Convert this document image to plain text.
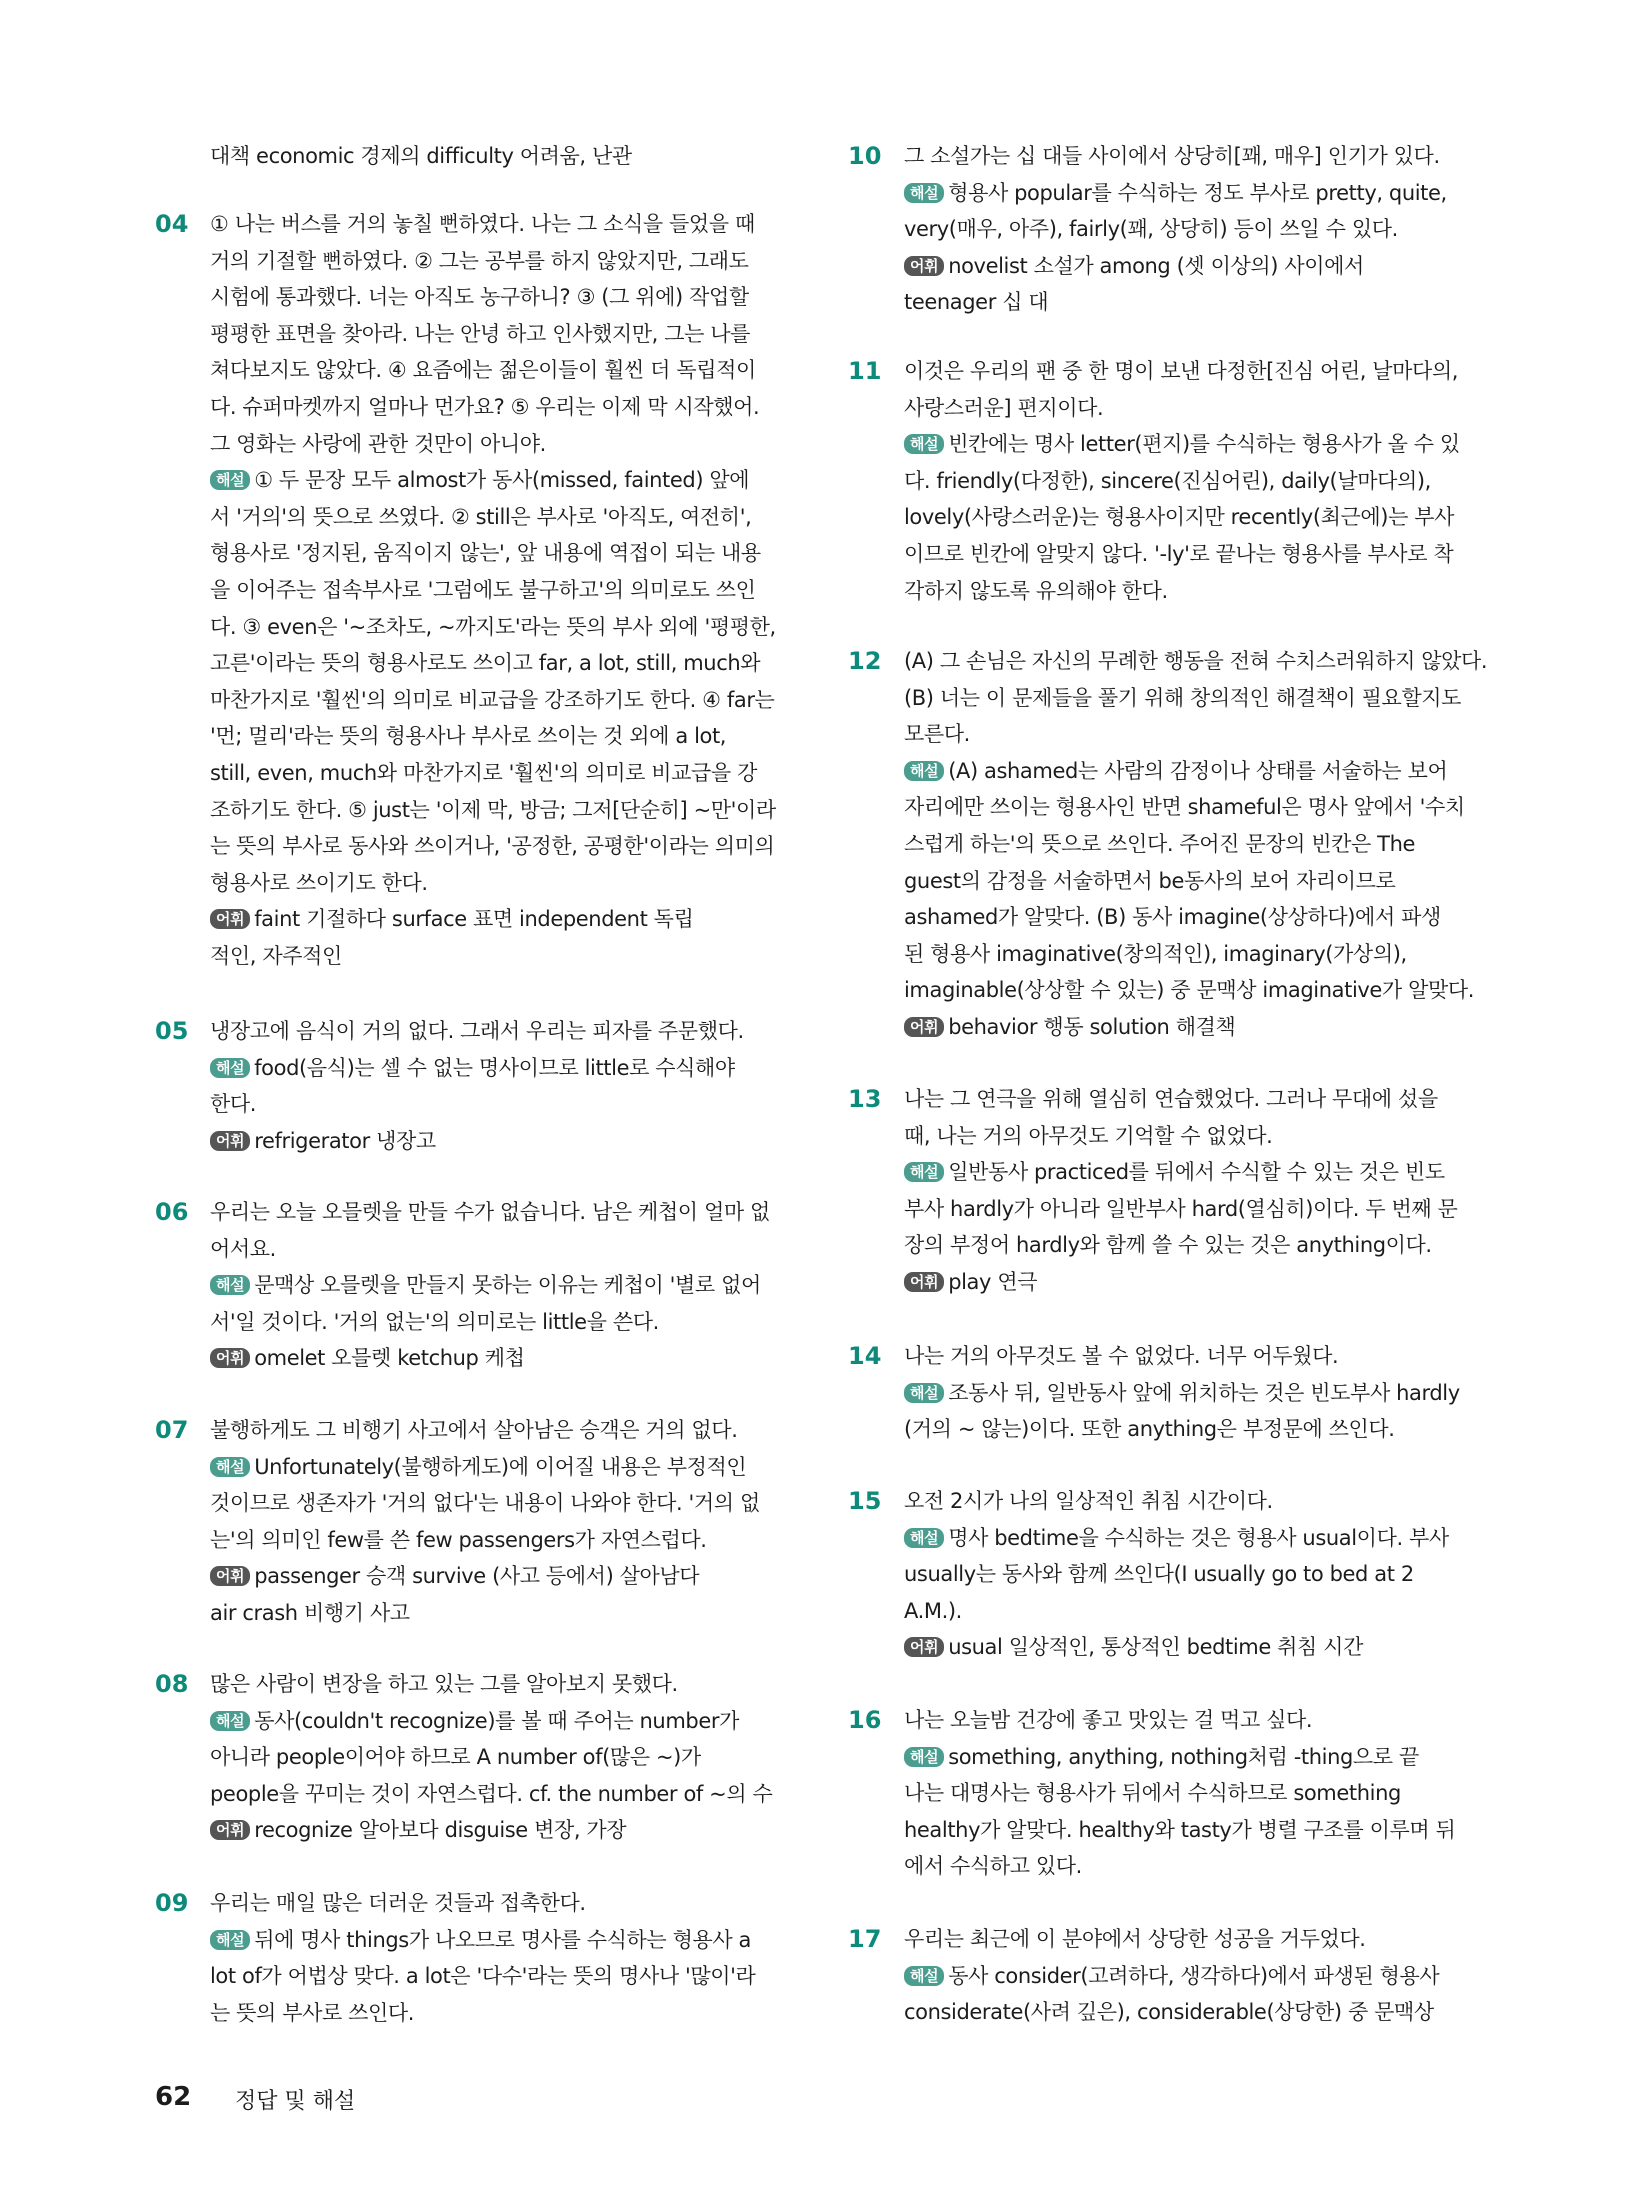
대책 economic 경제의 difficulty 어려움, 난관

04 ① 나는 버스를 거의 놓칠 뻔하였다. 나는 그 소식을 들었을 때

거의 기절할 뻔하였다. ② 그는 공부를 하지 않았지만, 그래도

시험에 통과했다. 너는 아직도 농구하니? ③ (그 위에) 작업할

평평한 표면을 찾아라. 나는 안녕 하고 인사했지만, 그는 나를

쳐다보지도 않았다. ④ 요즘에는 젊은이들이 훨씬 더 독립적이

다. 슈퍼마켓까지 얼마나 먼가요? ⑤ 우리는 이제 막 시작했어.

그 영화는 사랑에 관한 것만이 아니야.

해설 ① 두 문장 모두 almost가 동사(missed, fainted) 앞에

서 '거의'의 뜻으로 쓰였다. ② still은 부사로 '아직도, 여전히',

형용사로 '정지된, 움직이지 않는', 앞 내용에 역접이 되는 내용

을 이어주는 접속부사로 '그럼에도 불구하고'의 의미로도 쓰인

다. ③ even은 '~조차도, ~까지도'라는 뜻의 부사 외에 '평평한,

고른'이라는 뜻의 형용사로도 쓰이고 far, a lot, still, much와

마찬가지로 '훨씬'의 의미로 비교급을 강조하기도 한다. ④ far는

'먼; 멀리'라는 뜻의 형용사나 부사로 쓰이는 것 외에 a lot,

still, even, much와 마찬가지로 '훨씬'의 의미로 비교급을 강

조하기도 한다. ⑤ just는 '이제 막, 방금; 그저[단순히] ~만'이라

는 뜻의 부사로 동사와 쓰이거나, '공정한, 공평한'이라는 의미의

형용사로 쓰이기도 한다.

어휘 faint 기절하다 surface 표면 independent 독립

적인, 자주적인

05 냉장고에 음식이 거의 없다. 그래서 우리는 피자를 주문했다.

해설 food(음식)는 셀 수 없는 명사이므로 little로 수식해야

한다.

어휘 refrigerator 냉장고

06 우리는 오늘 오믈렛을 만들 수가 없습니다. 남은 케첩이 얼마 없

어서요.

해설 문맥상 오믈렛을 만들지 못하는 이유는 케첩이 '별로 없어

서'일 것이다. '거의 없는'의 의미로는 little을 쓴다.

어휘 omelet 오믈렛 ketchup 케첩

07 불행하게도 그 비행기 사고에서 살아남은 승객은 거의 없다.

해설 Unfortunately(불행하게도)에 이어질 내용은 부정적인

것이므로 생존자가 '거의 없다'는 내용이 나와야 한다. '거의 없

는'의 의미인 few를 쓴 few passengers가 자연스럽다.

어휘 passenger 승객 survive (사고 등에서) 살아남다

air crash 비행기 사고

08 많은 사람이 변장을 하고 있는 그를 알아보지 못했다.

해설 동사(couldn't recognize)를 볼 때 주어는 number가

아니라 people이어야 하므로 A number of(많은 ~)가

people을 꾸미는 것이 자연스럽다. cf. the number of ~의 수

어휘 recognize 알아보다 disguise 변장, 가장

09 우리는 매일 많은 더러운 것들과 접촉한다.

해설 뒤에 명사 things가 나오므로 명사를 수식하는 형용사 a

lot of가 어법상 맞다. a lot은 '다수'라는 뜻의 명사나 '많이'라

는 뜻의 부사로 쓰인다.

10 그 소설가는 십 대들 사이에서 상당히[꽤, 매우] 인기가 있다.

해설 형용사 popular를 수식하는 정도 부사로 pretty, quite,

very(매우, 아주), fairly(꽤, 상당히) 등이 쓰일 수 있다.

어휘 novelist 소설가 among (셋 이상의) 사이에서

teenager 십 대

11 이것은 우리의 팬 중 한 명이 보낸 다정한[진심 어린, 날마다의,

사랑스러운] 편지이다.

해설 빈칸에는 명사 letter(편지)를 수식하는 형용사가 올 수 있

다. friendly(다정한), sincere(진심어린), daily(날마다의),

lovely(사랑스러운)는 형용사이지만 recently(최근에)는 부사

이므로 빈칸에 알맞지 않다. '-ly'로 끝나는 형용사를 부사로 착

각하지 않도록 유의해야 한다.

12 (A) 그 손님은 자신의 무례한 행동을 전혀 수치스러워하지 않았다.

(B) 너는 이 문제들을 풀기 위해 창의적인 해결책이 필요할지도

모른다.

해설 (A) ashamed는 사람의 감정이나 상태를 서술하는 보어

자리에만 쓰이는 형용사인 반면 shameful은 명사 앞에서 '수치

스럽게 하는'의 뜻으로 쓰인다. 주어진 문장의 빈칸은 The

guest의 감정을 서술하면서 be동사의 보어 자리이므로

ashamed가 알맞다. (B) 동사 imagine(상상하다)에서 파생

된 형용사 imaginative(창의적인), imaginary(가상의),

imaginable(상상할 수 있는) 중 문맥상 imaginative가 알맞다.

어휘 behavior 행동 solution 해결책

13 나는 그 연극을 위해 열심히 연습했었다. 그러나 무대에 섰을

때, 나는 거의 아무것도 기억할 수 없었다.

해설 일반동사 practiced를 뒤에서 수식할 수 있는 것은 빈도

부사 hardly가 아니라 일반부사 hard(열심히)이다. 두 번째 문

장의 부정어 hardly와 함께 쓸 수 있는 것은 anything이다.

어휘 play 연극

14 나는 거의 아무것도 볼 수 없었다. 너무 어두웠다.

해설 조동사 뒤, 일반동사 앞에 위치하는 것은 빈도부사 hardly

(거의 ~ 않는)이다. 또한 anything은 부정문에 쓰인다.

15 오전 2시가 나의 일상적인 취침 시간이다.

해설 명사 bedtime을 수식하는 것은 형용사 usual이다. 부사

usually는 동사와 함께 쓰인다(I usually go to bed at 2

A.M.).

어휘 usual 일상적인, 통상적인 bedtime 취침 시간

16 나는 오늘밤 건강에 좋고 맛있는 걸 먹고 싶다.

해설 something, anything, nothing처럼 -thing으로 끝

나는 대명사는 형용사가 뒤에서 수식하므로 something

healthy가 알맞다. healthy와 tasty가 병렬 구조를 이루며 뒤

에서 수식하고 있다.

17 우리는 최근에 이 분야에서 상당한 성공을 거두었다.

해설 동사 consider(고려하다, 생각하다)에서 파생된 형용사

considerate(사려 깊은), considerable(상당한) 중 문맥상

62 정답 및 해설
